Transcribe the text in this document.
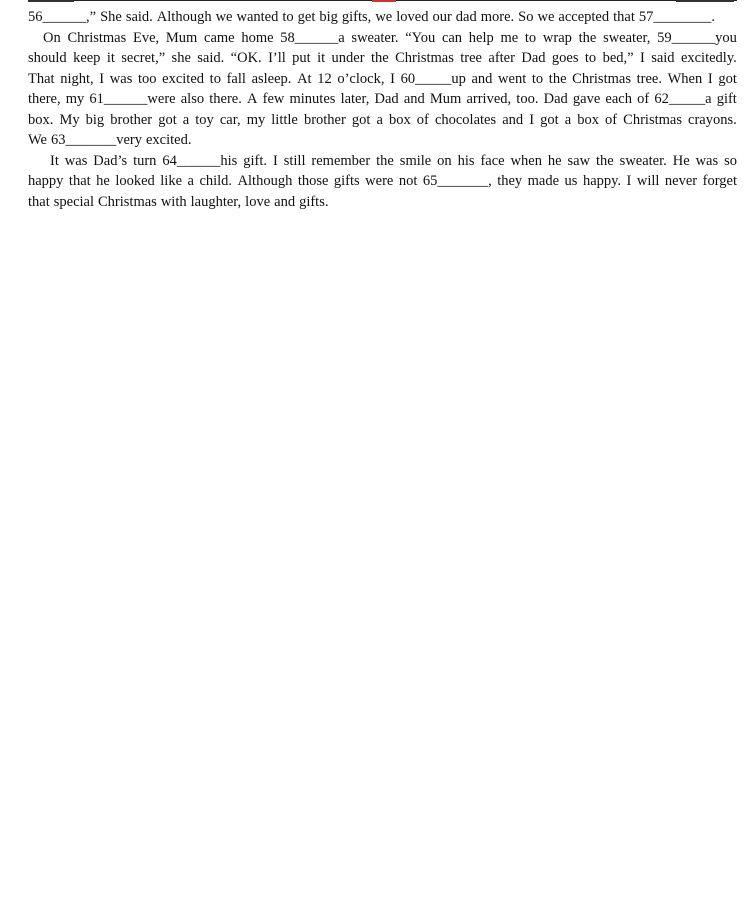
56______,” She said. Although we wanted to get big gifts, we loved our dad more. So we accepted that 57________.
On Christmas Eve, Mum came home 58______a sweater. “You can help me to wrap the sweater, 59______you
should keep it secret,” she said. “OK. I’ll put it under the Christmas tree after Dad goes to bed,” I said excitedly.
That night, I was too excited to fall asleep. At 12 o’clock, I 60_____up and went to the Christmas tree. When I got
there, my 61______were also there. A few minutes later, Dad and Mum arrived, too. Dad gave each of 62_____a gift
box. My big brother got a toy car, my little brother got a box of chocolates and I got a box of Christmas crayons.
We 63_______very excited.
It was Dad’s turn 64______his gift. I still remember the smile on his face when he saw the sweater. He was so
happy that he looked like a child. Although those gifts were not 65_______, they made us happy. I will never forget
that special Christmas with laughter, love and gifts.
